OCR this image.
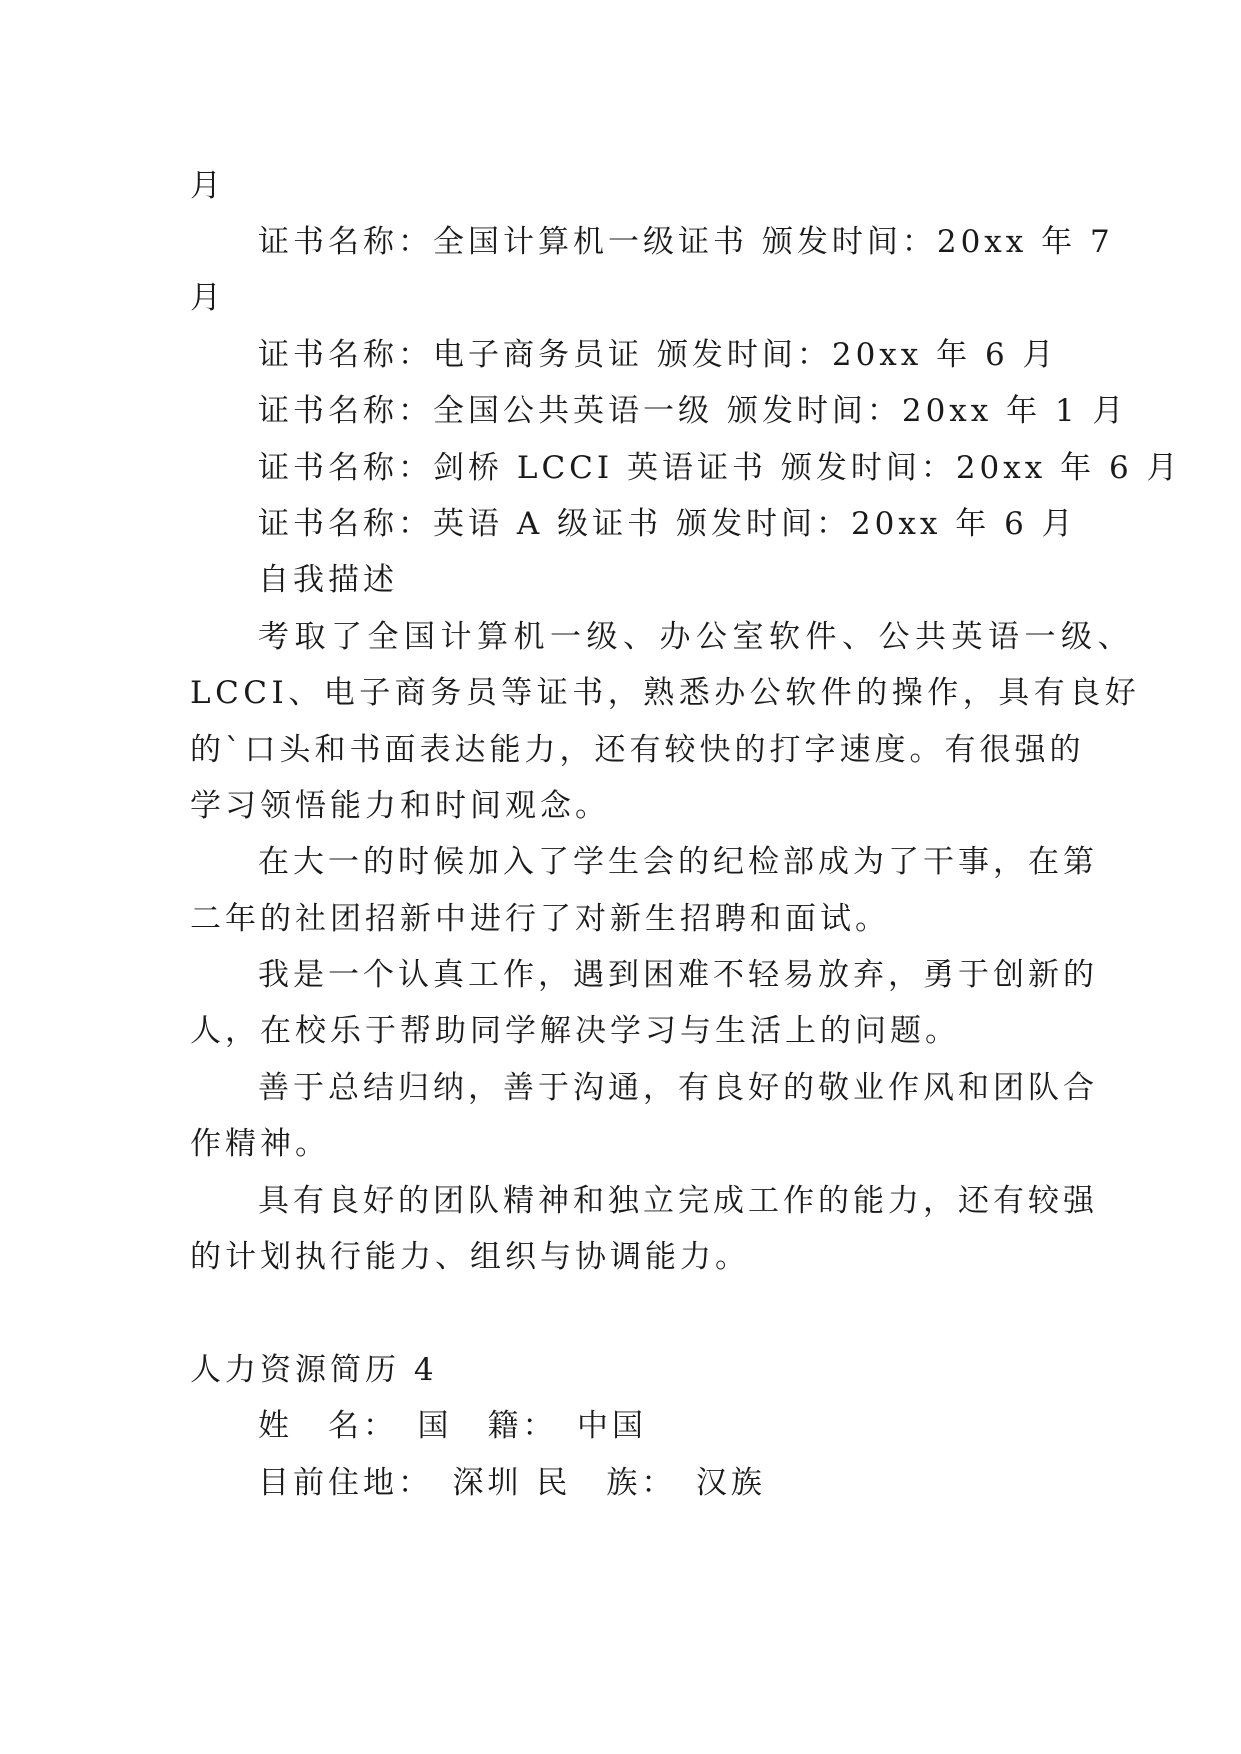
月
证书名称：全国计算机一级证书 颁发时间：20xx 年 7
月
证书名称：电子商务员证 颁发时间：20xx 年 6 月
证书名称：全国公共英语一级 颁发时间：20xx 年 1 月
证书名称：剑桥 LCCI 英语证书 颁发时间：20xx 年 6 月
证书名称：英语 A 级证书 颁发时间：20xx 年 6 月
自我描述
考取了全国计算机一级、办公室软件、公共英语一级、
LCCI、电子商务员等证书，熟悉办公软件的操作，具有良好
的`口头和书面表达能力，还有较快的打字速度。有很强的
学习领悟能力和时间观念。
在大一的时候加入了学生会的纪检部成为了干事，在第
二年的社团招新中进行了对新生招聘和面试。
我是一个认真工作，遇到困难不轻易放弃，勇于创新的
人，在校乐于帮助同学解决学习与生活上的问题。
善于总结归纳，善于沟通，有良好的敬业作风和团队合
作精神。
具有良好的团队精神和独立完成工作的能力，还有较强
的计划执行能力、组织与协调能力。
人力资源简历 4
姓　名：　国　籍：　中国
目前住地：　深圳 民　族：　汉族
